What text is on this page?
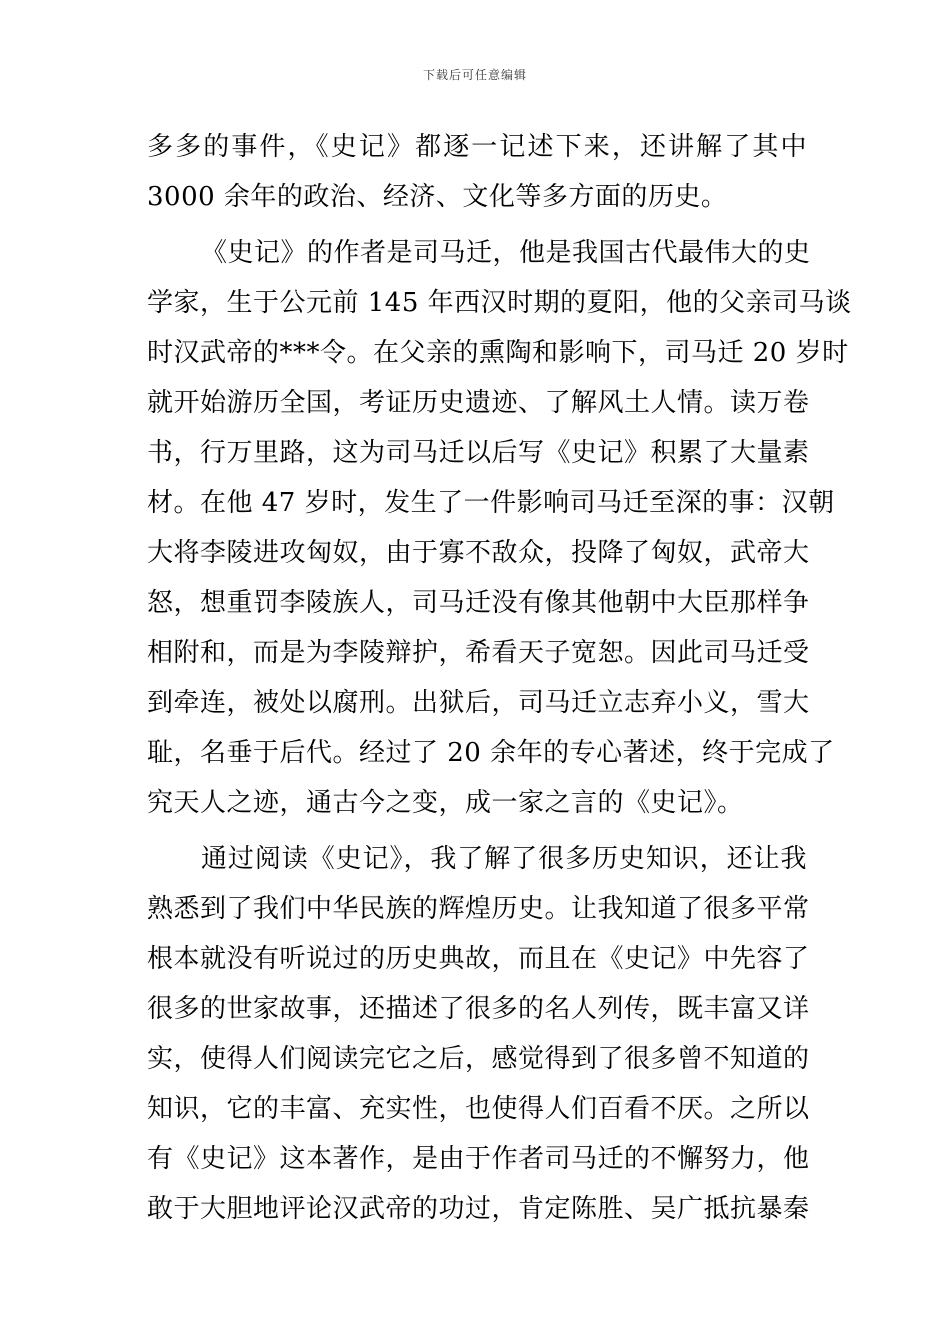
下载后可任意编辑
多多的事件，《史记》都逐一记述下来，还讲解了其中
3000 余年的政治、经济、文化等多方面的历史。
《史记》的作者是司马迁，他是我国古代最伟大的史
学家，生于公元前 145 年西汉时期的夏阳，他的父亲司马谈
时汉武帝的***令。在父亲的熏陶和影响下，司马迁 20 岁时
就开始游历全国，考证历史遗迹、了解风土人情。读万卷
书，行万里路，这为司马迁以后写《史记》积累了大量素
材。在他 47 岁时，发生了一件影响司马迁至深的事：汉朝
大将李陵进攻匈奴，由于寡不敌众，投降了匈奴，武帝大
怒，想重罚李陵族人，司马迁没有像其他朝中大臣那样争
相附和，而是为李陵辩护，希看天子宽恕。因此司马迁受
到牵连，被处以腐刑。出狱后，司马迁立志弃小义，雪大
耻，名垂于后代。经过了 20 余年的专心著述，终于完成了
究天人之迹，通古今之变，成一家之言的《史记》。
通过阅读《史记》，我了解了很多历史知识，还让我
熟悉到了我们中华民族的辉煌历史。让我知道了很多平常
根本就没有听说过的历史典故，而且在《史记》中先容了
很多的世家故事，还描述了很多的名人列传，既丰富又详
实，使得人们阅读完它之后，感觉得到了很多曾不知道的
知识，它的丰富、充实性，也使得人们百看不厌。之所以
有《史记》这本著作，是由于作者司马迁的不懈努力，他
敢于大胆地评论汉武帝的功过，肯定陈胜、吴广抵抗暴秦
